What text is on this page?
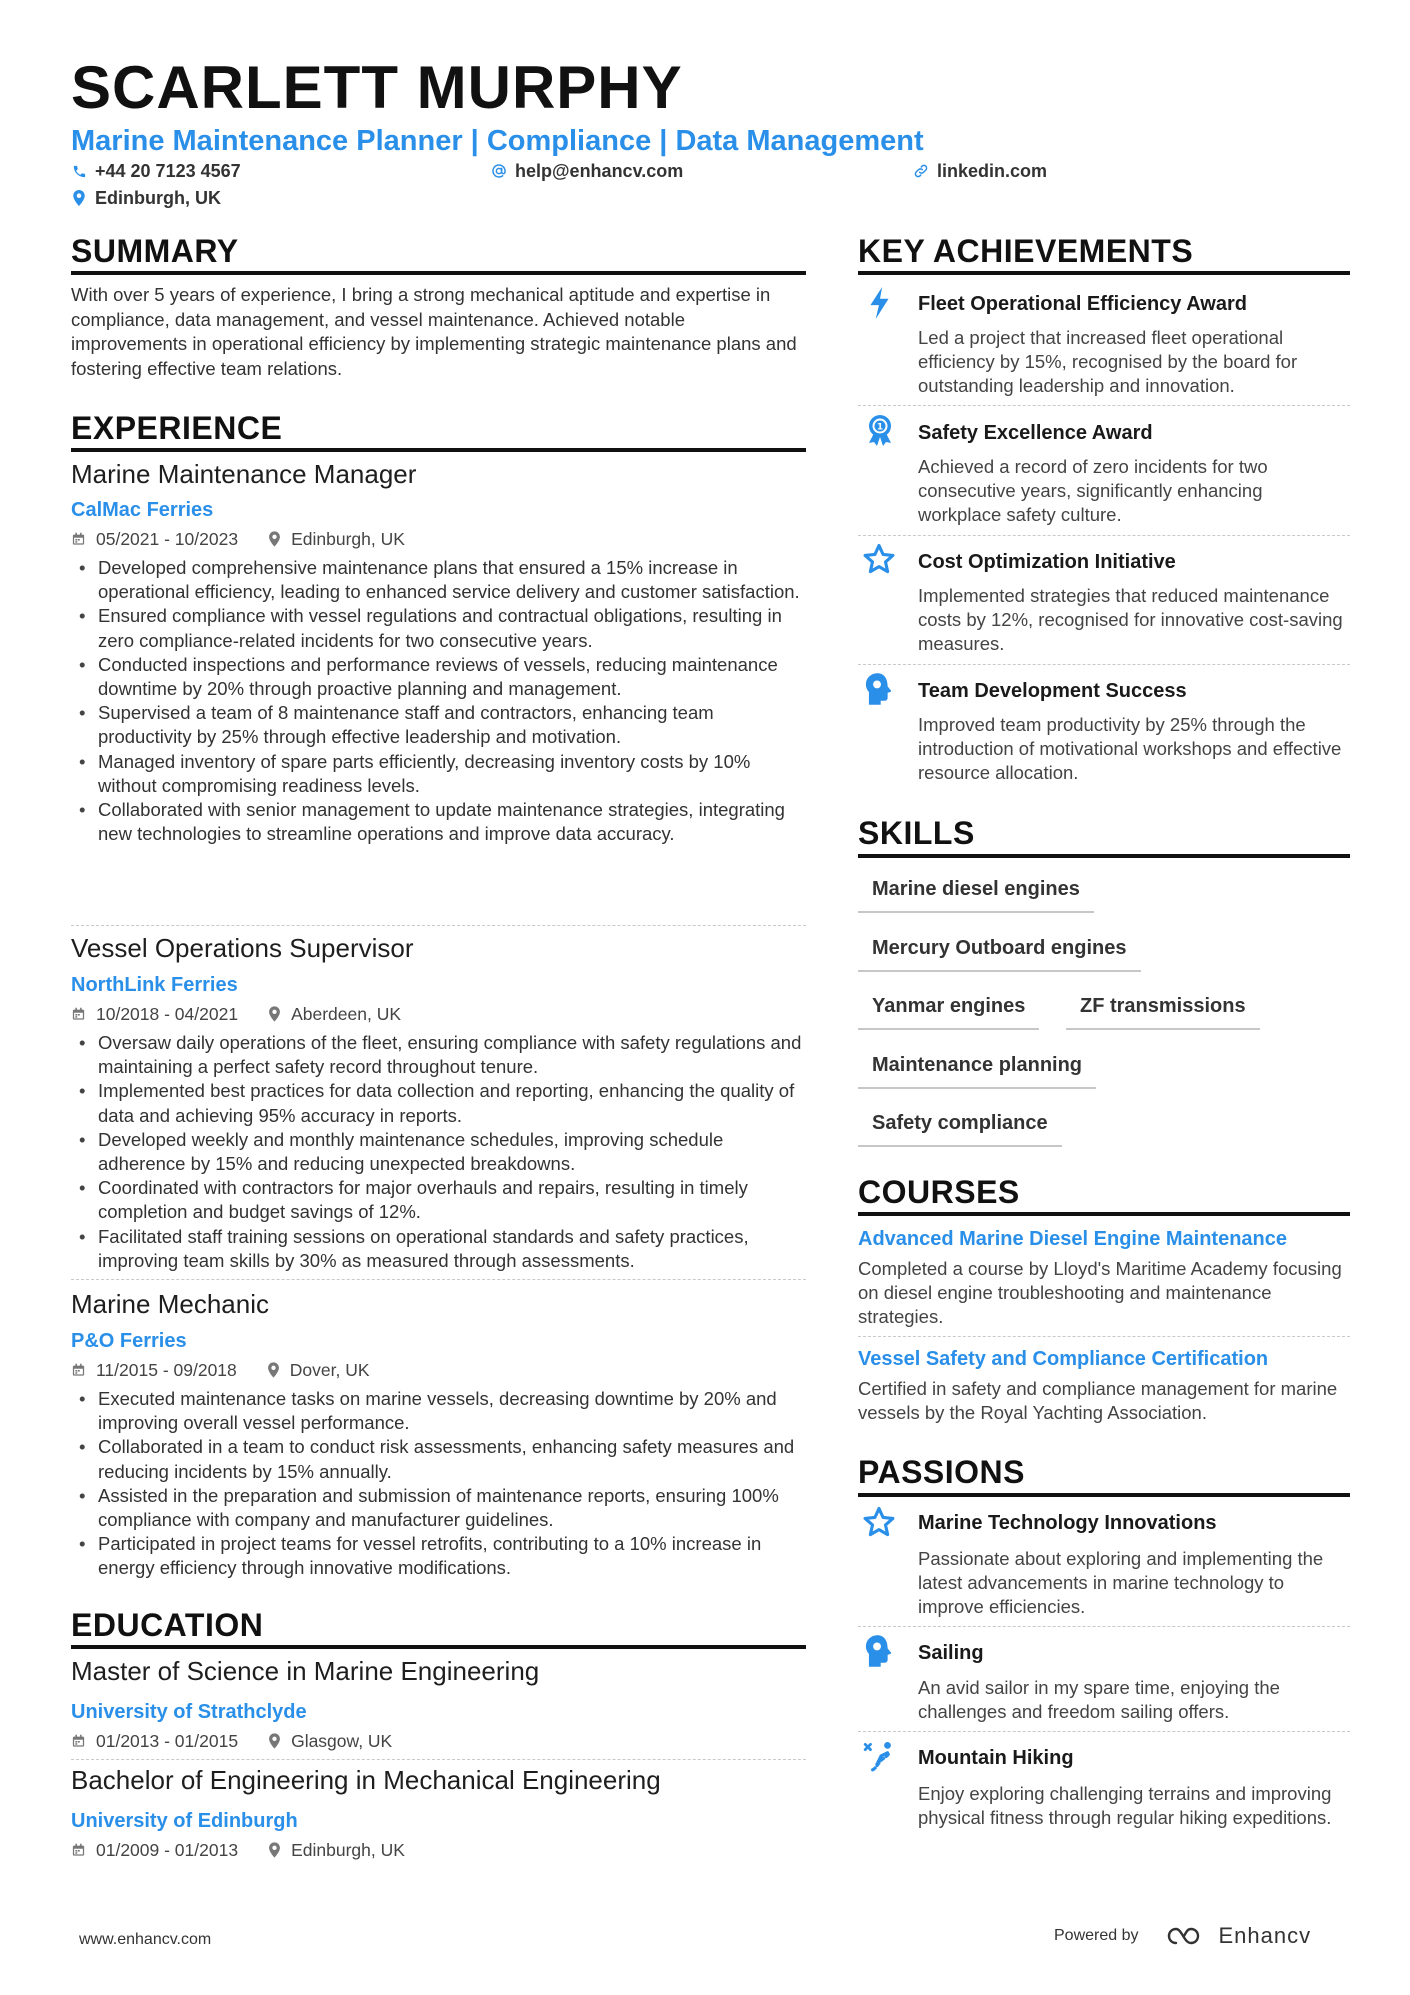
SCARLETT MURPHY
Marine Maintenance Planner | Compliance | Data Management
+44 20 7123 4567	help@enhancv.com	linkedin.com
Edinburgh, UK
SUMMARY
With over 5 years of experience, I bring a strong mechanical aptitude and expertise in compliance, data management, and vessel maintenance. Achieved notable improvements in operational efficiency by implementing strategic maintenance plans and fostering effective team relations.
EXPERIENCE
Marine Maintenance Manager
CalMac Ferries
05/2021 - 10/2023	Edinburgh, UK
• Developed comprehensive maintenance plans that ensured a 15% increase in operational efficiency, leading to enhanced service delivery and customer satisfaction.
• Ensured compliance with vessel regulations and contractual obligations, resulting in zero compliance-related incidents for two consecutive years.
• Conducted inspections and performance reviews of vessels, reducing maintenance downtime by 20% through proactive planning and management.
• Supervised a team of 8 maintenance staff and contractors, enhancing team productivity by 25% through effective leadership and motivation.
• Managed inventory of spare parts efficiently, decreasing inventory costs by 10% without compromising readiness levels.
• Collaborated with senior management to update maintenance strategies, integrating new technologies to streamline operations and improve data accuracy.
Vessel Operations Supervisor
NorthLink Ferries
10/2018 - 04/2021	Aberdeen, UK
• Oversaw daily operations of the fleet, ensuring compliance with safety regulations and maintaining a perfect safety record throughout tenure.
• Implemented best practices for data collection and reporting, enhancing the quality of data and achieving 95% accuracy in reports.
• Developed weekly and monthly maintenance schedules, improving schedule adherence by 15% and reducing unexpected breakdowns.
• Coordinated with contractors for major overhauls and repairs, resulting in timely completion and budget savings of 12%.
• Facilitated staff training sessions on operational standards and safety practices, improving team skills by 30% as measured through assessments.
Marine Mechanic
P&O Ferries
11/2015 - 09/2018	Dover, UK
• Executed maintenance tasks on marine vessels, decreasing downtime by 20% and improving overall vessel performance.
• Collaborated in a team to conduct risk assessments, enhancing safety measures and reducing incidents by 15% annually.
• Assisted in the preparation and submission of maintenance reports, ensuring 100% compliance with company and manufacturer guidelines.
• Participated in project teams for vessel retrofits, contributing to a 10% increase in energy efficiency through innovative modifications.
EDUCATION
Master of Science in Marine Engineering
University of Strathclyde
01/2013 - 01/2015	Glasgow, UK
Bachelor of Engineering in Mechanical Engineering
University of Edinburgh
01/2009 - 01/2013	Edinburgh, UK
KEY ACHIEVEMENTS
Fleet Operational Efficiency Award
Led a project that increased fleet operational efficiency by 15%, recognised by the board for outstanding leadership and innovation.
1 Safety Excellence Award
Achieved a record of zero incidents for two consecutive years, significantly enhancing workplace safety culture.
Cost Optimization Initiative
Implemented strategies that reduced maintenance costs by 12%, recognised for innovative cost-saving measures.
Team Development Success
Improved team productivity by 25% through the introduction of motivational workshops and effective resource allocation.
SKILLS
Marine diesel engines
Mercury Outboard engines
Yanmar engines	ZF transmissions
Maintenance planning
Safety compliance
COURSES
Advanced Marine Diesel Engine Maintenance
Completed a course by Lloyd's Maritime Academy focusing on diesel engine troubleshooting and maintenance strategies.
Vessel Safety and Compliance Certification
Certified in safety and compliance management for marine vessels by the Royal Yachting Association.
PASSIONS
Marine Technology Innovations
Passionate about exploring and implementing the latest advancements in marine technology to improve efficiencies.
Sailing
An avid sailor in my spare time, enjoying the challenges and freedom sailing offers.
Mountain Hiking
Enjoy exploring challenging terrains and improving physical fitness through regular hiking expeditions.
www.enhancv.com	Powered by	Enhancv
